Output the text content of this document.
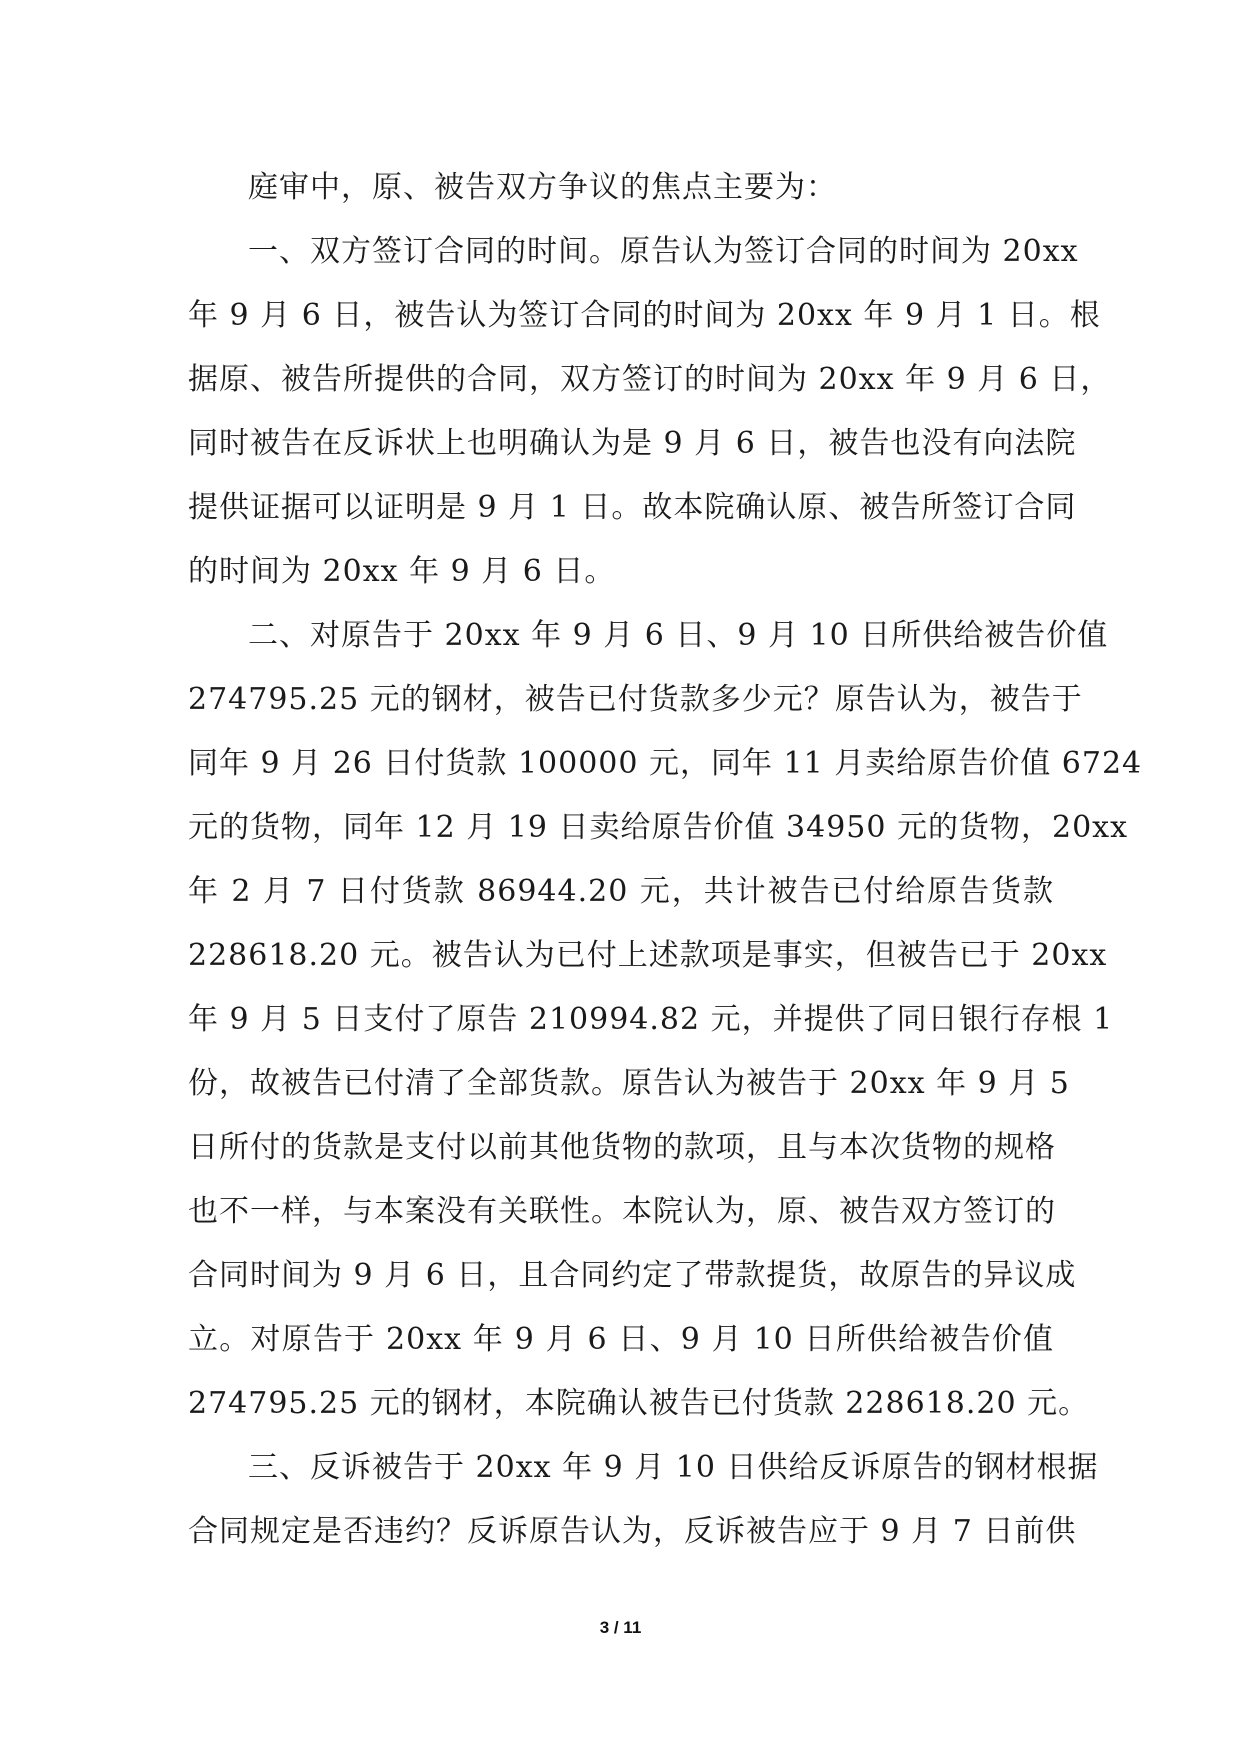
庭审中，原、被告双方争议的焦点主要为：
一、双方签订合同的时间。原告认为签订合同的时间为 20xx
年 9 月 6 日，被告认为签订合同的时间为 20xx 年 9 月 1 日。根
据原、被告所提供的合同，双方签订的时间为 20xx 年 9 月 6 日，
同时被告在反诉状上也明确认为是 9 月 6 日，被告也没有向法院
提供证据可以证明是 9 月 1 日。故本院确认原、被告所签订合同
的时间为 20xx 年 9 月 6 日。
二、对原告于 20xx 年 9 月 6 日、9 月 10 日所供给被告价值
274795.25 元的钢材，被告已付货款多少元？原告认为，被告于
同年 9 月 26 日付货款 100000 元，同年 11 月卖给原告价值 6724
元的货物，同年 12 月 19 日卖给原告价值 34950 元的货物，20xx
年 2 月 7 日付货款 86944.20 元，共计被告已付给原告货款
228618.20 元。被告认为已付上述款项是事实，但被告已于 20xx
年 9 月 5 日支付了原告 210994.82 元，并提供了同日银行存根 1
份，故被告已付清了全部货款。原告认为被告于 20xx 年 9 月 5
日所付的货款是支付以前其他货物的款项，且与本次货物的规格
也不一样，与本案没有关联性。本院认为，原、被告双方签订的
合同时间为 9 月 6 日，且合同约定了带款提货，故原告的异议成
立。对原告于 20xx 年 9 月 6 日、9 月 10 日所供给被告价值
274795.25 元的钢材，本院确认被告已付货款 228618.20 元。
三、反诉被告于 20xx 年 9 月 10 日供给反诉原告的钢材根据
合同规定是否违约？反诉原告认为，反诉被告应于 9 月 7 日前供
3 / 11
